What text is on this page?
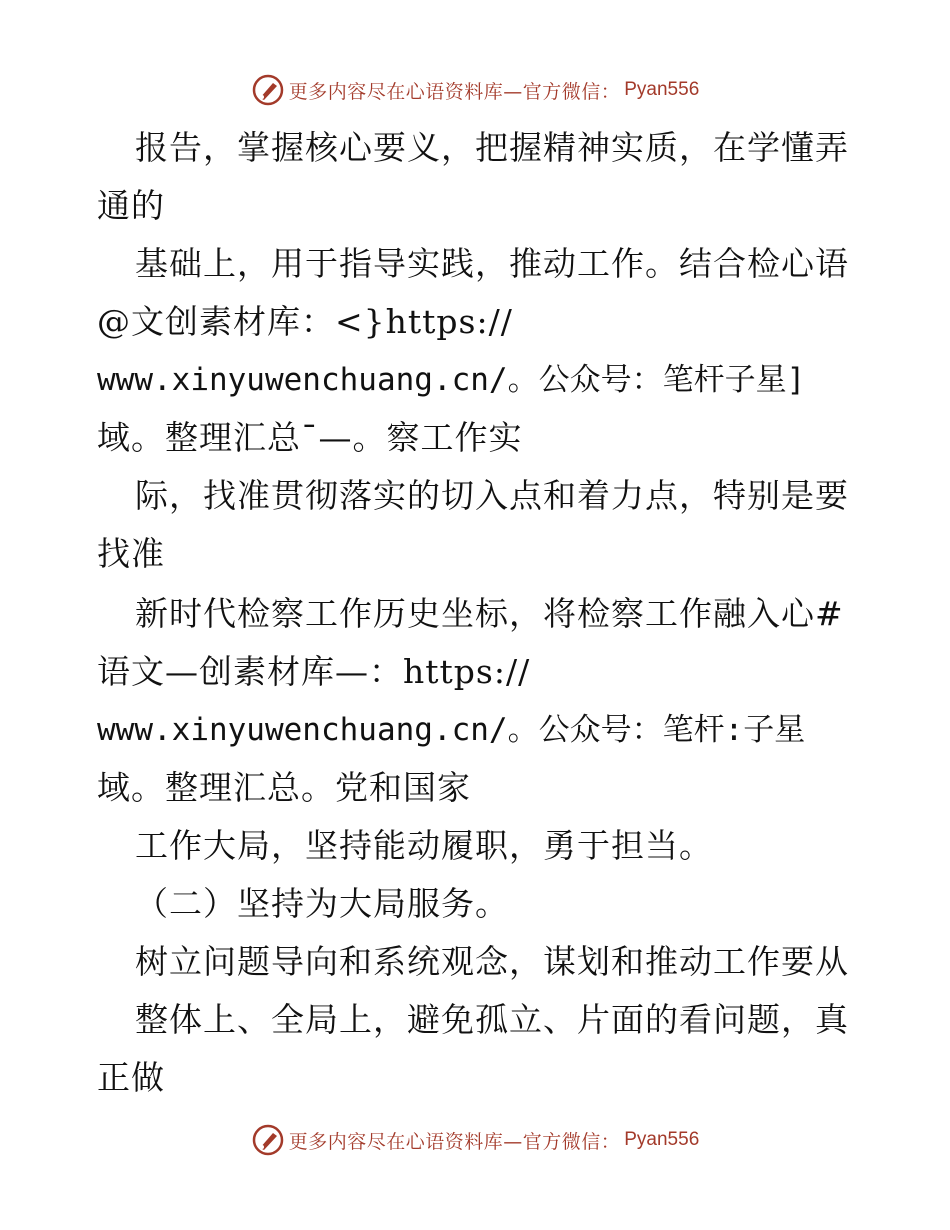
更多内容尽在心语资料库—官方微信： Pyan556
报告，掌握核心要义，把握精神实质，在学懂弄
通的
基础上，用于指导实践，推动工作。结合检心语
@文创素材库：<}https://
www.xinyuwenchuang.cn/。公众号：笔杆子星]
域。整理汇总¯—。察工作实
际，找准贯彻落实的切入点和着力点，特别是要
找准
新时代检察工作历史坐标，将检察工作融入心#
语文—创素材库—：https://
www.xinyuwenchuang.cn/。公众号：笔杆:子星
域。整理汇总。党和国家
工作大局，坚持能动履职，勇于担当。
（二）坚持为大局服务。
树立问题导向和系统观念，谋划和推动工作要从
整体上、全局上，避免孤立、片面的看问题，真
正做
更多内容尽在心语资料库—官方微信： Pyan556
